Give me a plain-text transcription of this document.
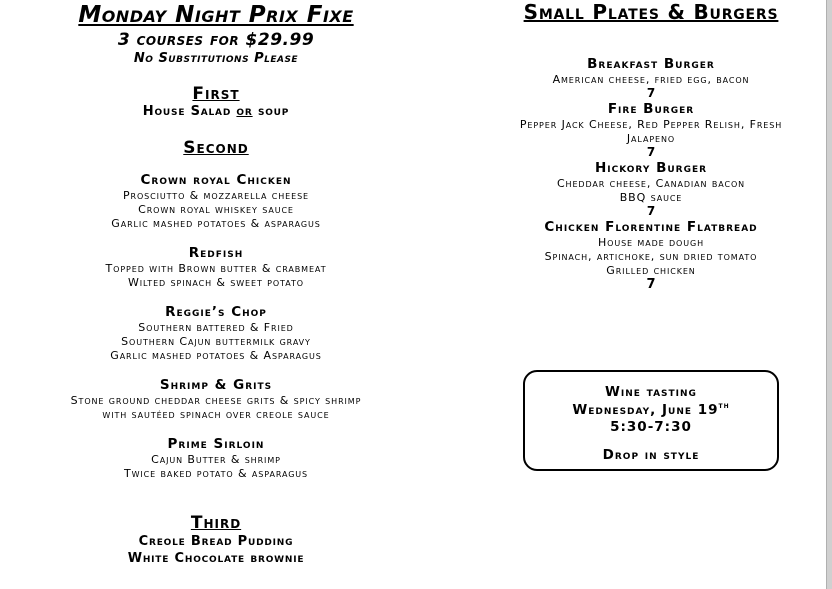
Monday Night Prix Fixe
3 courses for $29.99
No Substitutions Please
First
House Salad or soup
Second
Crown royal Chicken
Prosciutto & mozzarella cheese
Crown royal whiskey sauce
Garlic mashed potatoes & asparagus
Redfish
Topped with Brown butter & crabmeat
Wilted spinach & sweet potato
Reggie’s Chop
Southern battered & Fried
Southern Cajun buttermilk gravy
Garlic mashed potatoes & Asparagus
Shrimp & Grits
Stone ground cheddar cheese grits & spicy shrimp
with sautéed spinach over creole sauce
Prime Sirloin
Cajun Butter & shrimp
Twice baked potato & asparagus
Third
Creole Bread Pudding
White Chocolate brownie
Small Plates & Burgers
Breakfast Burger
American cheese, fried egg, bacon
7
Fire Burger
Pepper Jack Cheese, Red Pepper Relish, Fresh
Jalapeno
7
Hickory Burger
Cheddar cheese, Canadian bacon
BBQ sauce
7
Chicken Florentine Flatbread
House made dough
Spinach, artichoke, sun dried tomato
Grilled chicken
7
Wine tasting
Wednesday, June 19th
5:30-7:30
Drop in style
